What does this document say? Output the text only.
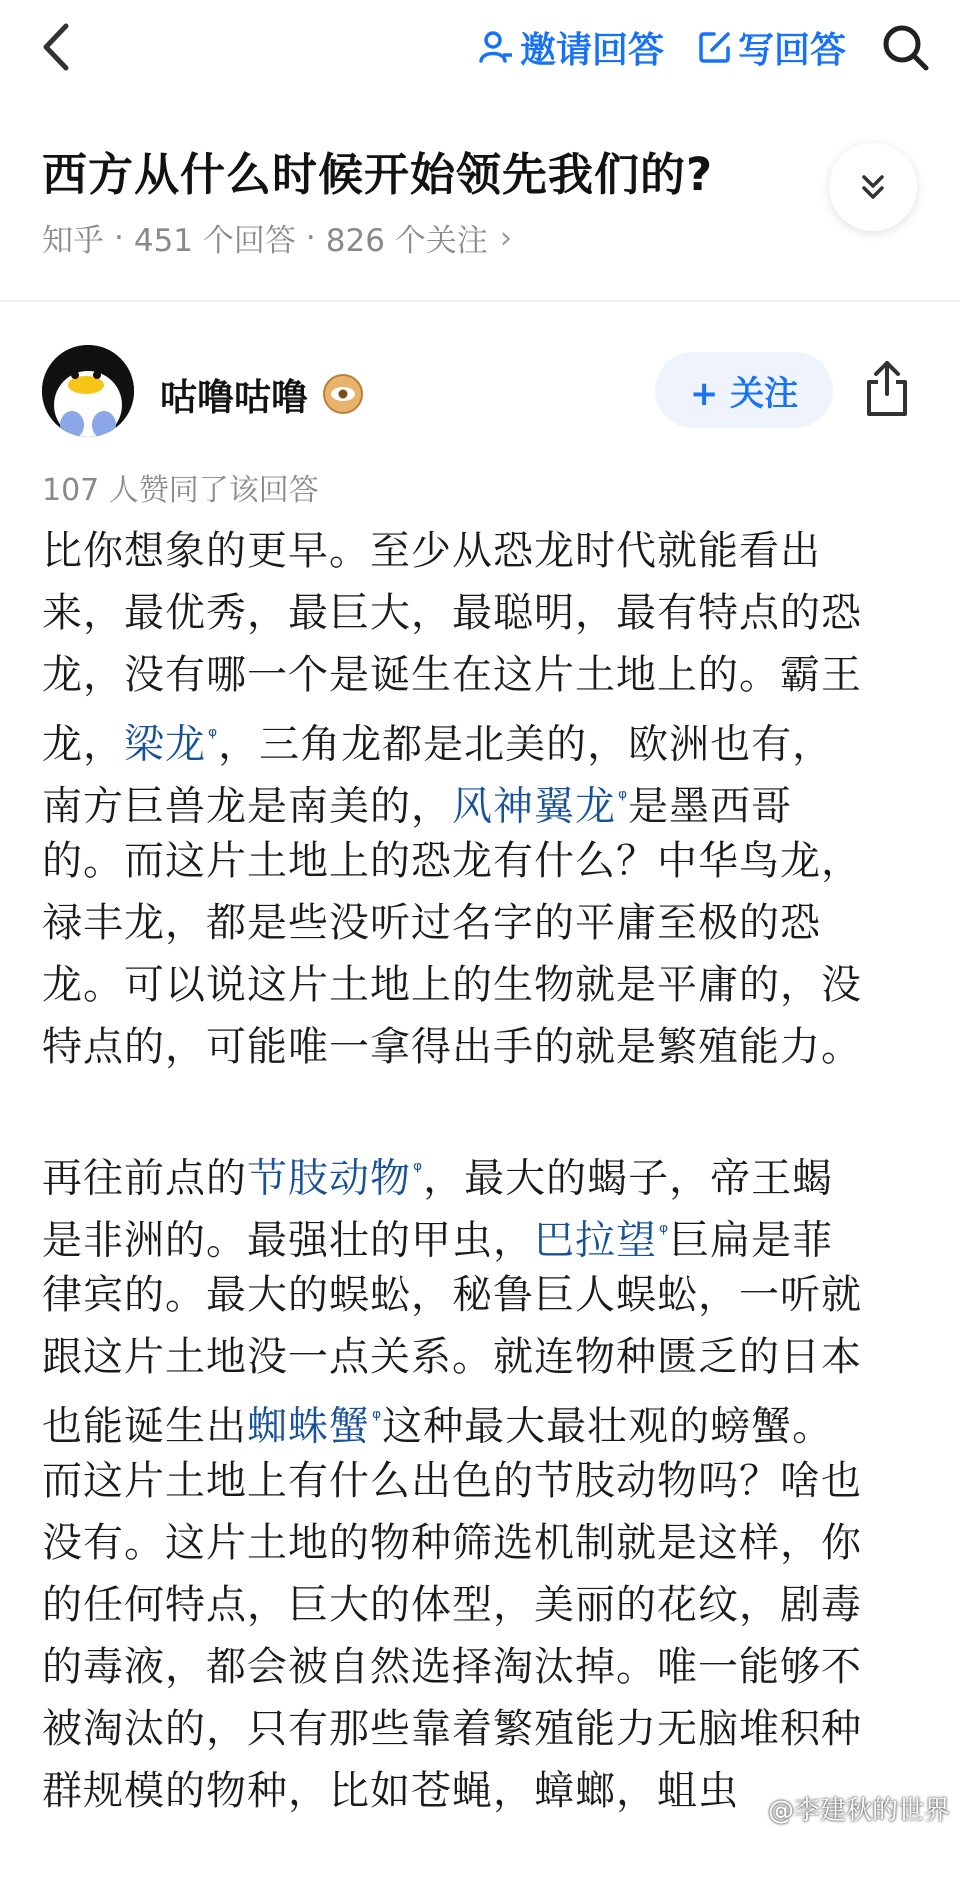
邀请回答 写回答
西方从什么时候开始领先我们的?
知乎 · 451 个回答 · 826 个关注 ›
咕噜咕噜	+ 关注
107 人赞同了该回答

比你想象的更早。至少从恐龙时代就能看出
来，最优秀，最巨大，最聪明，最有特点的恐
龙，没有哪一个是诞生在这片土地上的。霸王
龙，梁龙$^ᵠ$，三角龙都是北美的，欧洲也有，
南方巨兽龙是南美的，风神翼龙$^ᵠ$是墨西哥
的。而这片土地上的恐龙有什么？中华鸟龙，
禄丰龙，都是些没听过名字的平庸至极的恐
龙。可以说这片土地上的生物就是平庸的，没
特点的，可能唯一拿得出手的就是繁殖能力。

再往前点的节肢动物$^ᵠ$，最大的蝎子，帝王蝎
是非洲的。最强壮的甲虫，巴拉望$^ᵠ$巨扁是菲
律宾的。最大的蜈蚣，秘鲁巨人蜈蚣，一听就
跟这片土地没一点关系。就连物种匮乏的日本
也能诞生出蜘蛛蟹$^ᵠ$这种最大最壮观的螃蟹。
而这片土地上有什么出色的节肢动物吗？啥也
没有。这片土地的物种筛选机制就是这样，你
的任何特点，巨大的体型，美丽的花纹，剧毒
的毒液，都会被自然选择淘汰掉。唯一能够不
被淘汰的，只有那些靠着繁殖能力无脑堆积种
群规模的物种，比如苍蝇，蟑螂，蛆虫	@李建秋的世界
